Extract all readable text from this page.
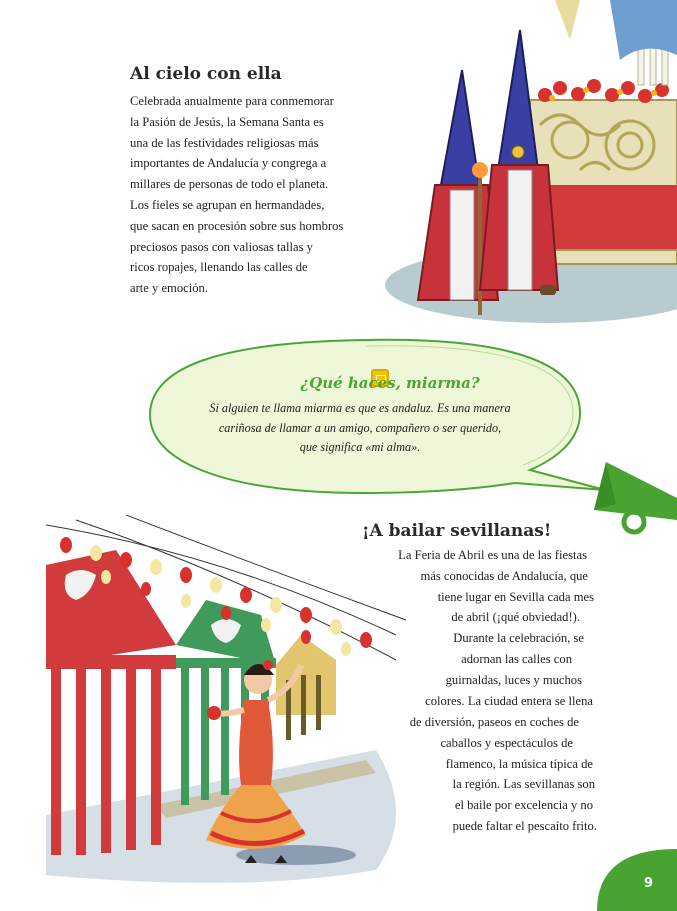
Al cielo con ella
Celebrada anualmente para conmemorar
la Pasión de Jesús, la Semana Santa es
una de las festividades religiosas más
importantes de Andalucía y congrega a
millares de personas de todo el planeta.
Los fieles se agrupan en hermandades,
que sacan en procesión sobre sus hombros
preciosos pasos con valiosas tallas y
ricos ropajes, llenando las calles de
arte y emoción.
¿Qué haces, miarma?
Si alguien te llama miarma es que es andaluz. Es una manera
cariñosa de llamar a un amigo, compañero o ser querido,
que significa «mi alma».
¡A bailar sevillanas!
La Feria de Abril es una de las fiestas
más conocidas de Andalucía, que
tiene lugar en Sevilla cada mes
de abril (¡qué obviedad!).
Durante la celebración, se
adornan las calles con
guirnaldas, luces y muchos
colores. La ciudad entera se llena
de diversión, paseos en coches de
caballos y espectáculos de
flamenco, la música típica de
la región. Las sevillanas son
el baile por excelencia y no
puede faltar el pescaíto frito.
9
